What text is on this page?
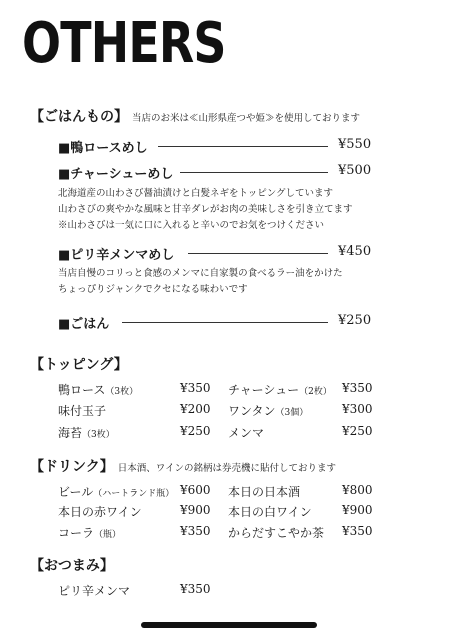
OTHERS
【ごはんもの】 当店のお米は≪山形県産つや姫≫を使用しております
■鴨ロースめし	¥550
■チャーシューめし	¥500
北海道産の山わさび醤油漬けと白髪ネギをトッピングしています
山わさびの爽やかな風味と甘辛ダレがお肉の美味しさを引き立てます
※山わさびは一気に口に入れると辛いのでお気をつけください
■ピリ辛メンマめし	¥450
当店自慢のコリっと食感のメンマに自家製の食べるラー油をかけた
ちょっぴりジャンクでクセになる味わいです
■ごはん	¥250
【トッピング】
鴨ロース（3枚）	¥350 チャーシュー（2枚） ¥350
味付玉子	¥200 ワンタン（3個）	¥300
海苔（3枚）	¥250 メンマ	¥250
【ドリンク】 日本酒、ワインの銘柄は券売機に貼付しております
ビール（ハートランド瓶） ¥600 本日の日本酒	¥800
本日の赤ワイン	¥900 本日の白ワイン	¥900
コーラ（瓶）	¥350 からだすこやか茶 ¥350
【おつまみ】
ピリ辛メンマ	¥350
